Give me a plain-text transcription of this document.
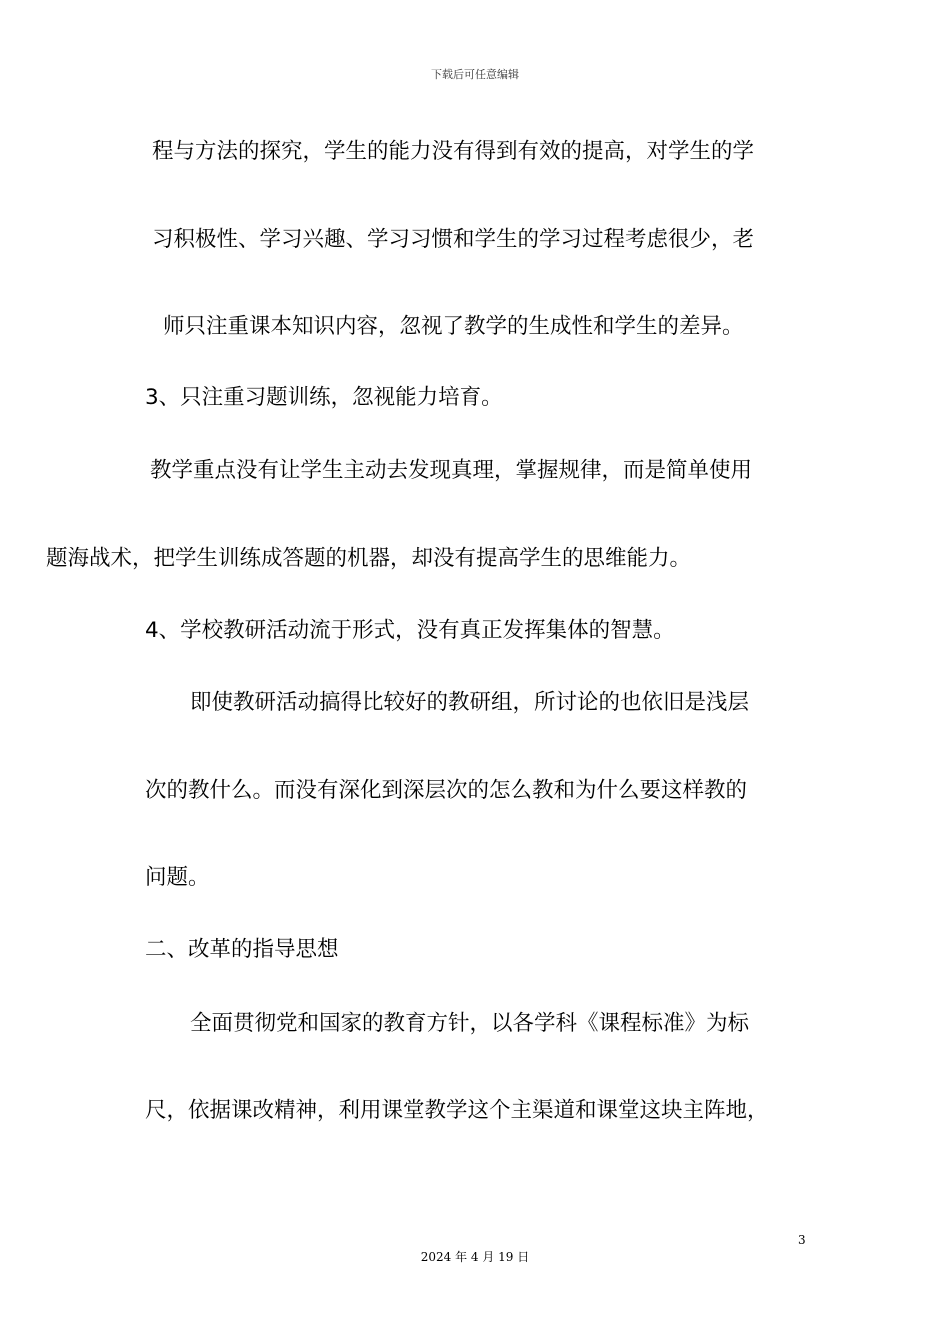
下载后可任意编辑
程与方法的探究，学生的能力没有得到有效的提高，对学生的学
习积极性、学习兴趣、学习习惯和学生的学习过程考虑很少，老
师只注重课本知识内容，忽视了教学的生成性和学生的差异。
3、只注重习题训练，忽视能力培育。
教学重点没有让学生主动去发现真理，掌握规律，而是简单使用
题海战术，把学生训练成答题的机器，却没有提高学生的思维能力。
4、学校教研活动流于形式，没有真正发挥集体的智慧。
即使教研活动搞得比较好的教研组，所讨论的也依旧是浅层
次的教什么。而没有深化到深层次的怎么教和为什么要这样教的
问题。
二、改革的指导思想
全面贯彻党和国家的教育方针，以各学科《课程标准》为标
尺，依据课改精神，利用课堂教学这个主渠道和课堂这块主阵地，
3
2024 年 4 月 19 日
